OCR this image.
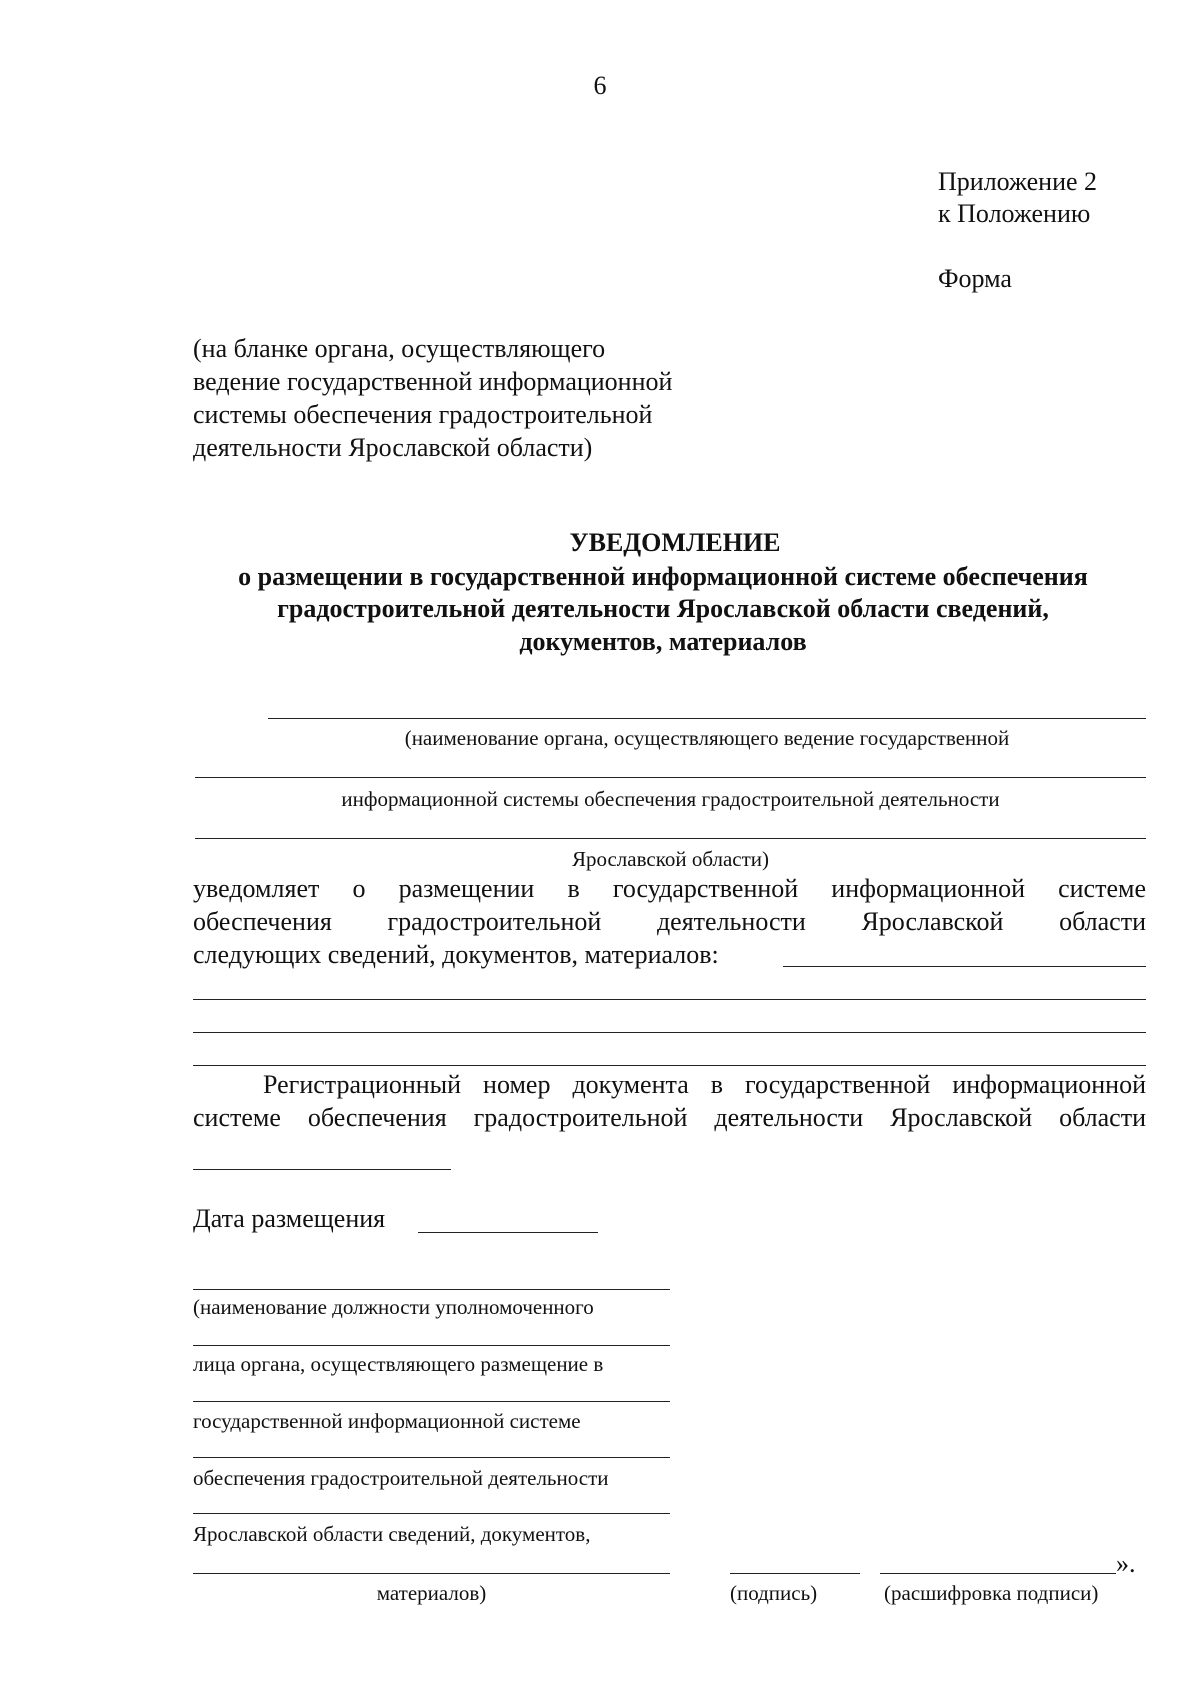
6
Приложение 2
к Положению
Форма
(на бланке органа, осуществляющего
ведение государственной информационной
системы обеспечения градостроительной
деятельности Ярославской области)
УВЕДОМЛЕНИЕ
о размещении в государственной информационной системе обеспечения
градостроительной деятельности Ярославской области сведений,
документов, материалов
(наименование органа, осуществляющего ведение государственной
информационной системы обеспечения градостроительной деятельности
Ярославской области)
уведомляет о размещении в государственной информационной системе
обеспечения градостроительной деятельности Ярославской области
следующих сведений, документов, материалов:
Регистрационный номер документа в государственной информационной
системе обеспечения градостроительной деятельности Ярославской области
Дата размещения
(наименование должности уполномоченного
лица органа, осуществляющего размещение в
государственной информационной системе
обеспечения градостроительной деятельности
Ярославской области сведений, документов,
материалов)	(подпись)
».
(расшифровка подписи)
